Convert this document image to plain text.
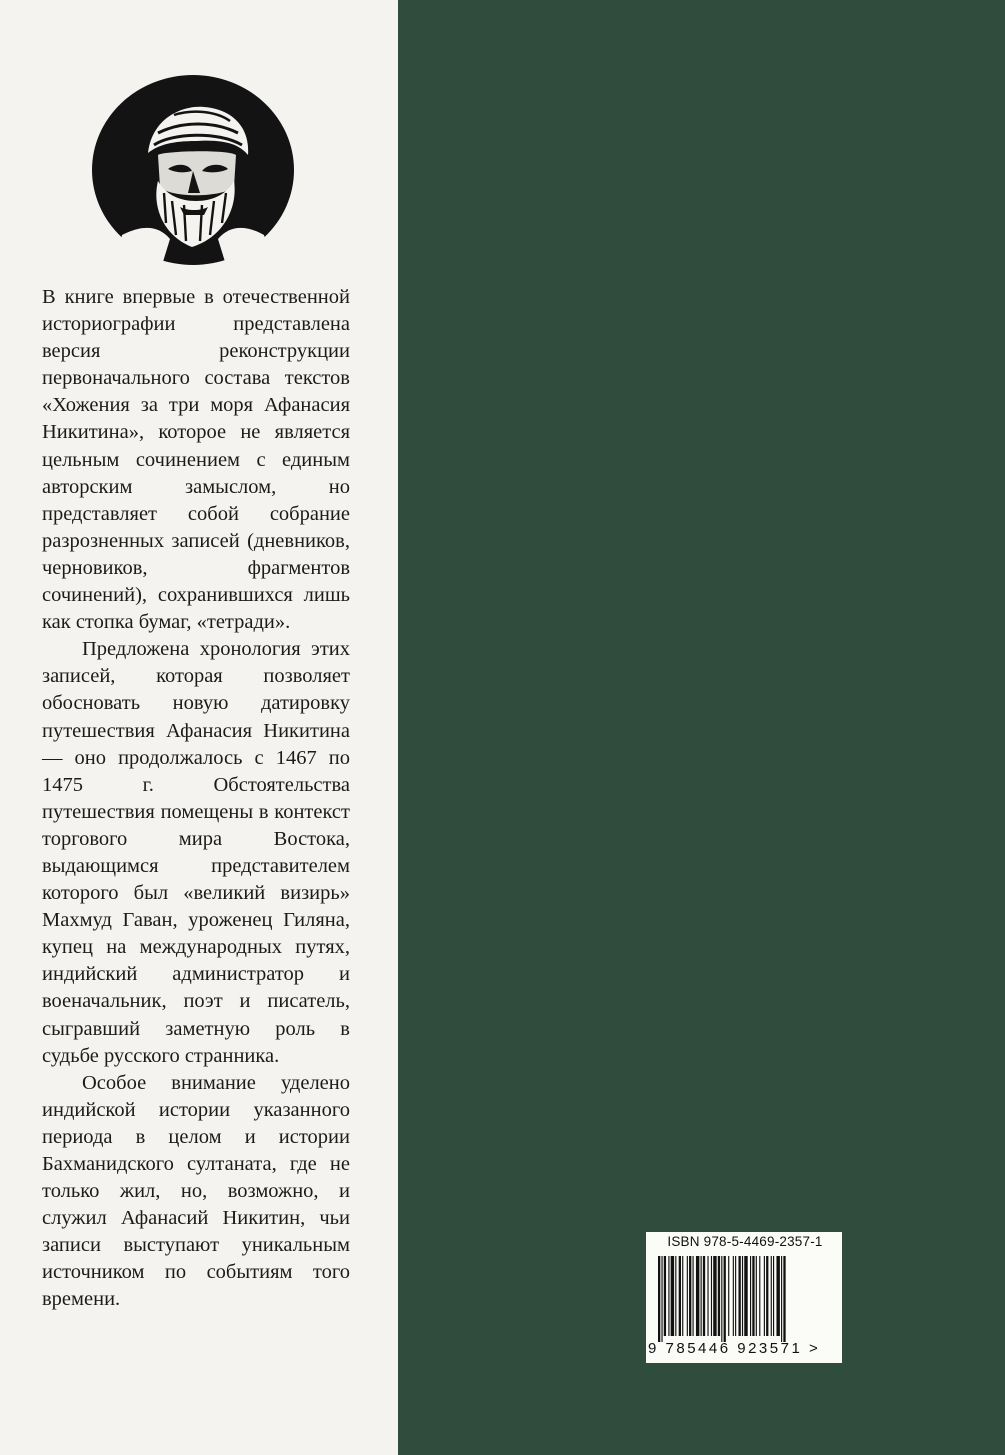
В книге впервые в отечественной историографии представлена версия реконструкции первоначального состава текстов «Хожения за три моря Афанасия Никитина», которое не является цельным сочинением с единым авторским замыслом, но представляет собой собрание разрозненных записей (дневников, черновиков, фрагментов сочинений), сохранившихся лишь как стопка бумаг, «тетради».

Предложена хронология этих записей, которая позволяет обосновать новую датировку путешествия Афанасия Никитина — оно продолжалось с 1467 по 1475 г. Обстоятельства путешествия помещены в контекст торгового мира Востока, выдающимся представителем которого был «великий визирь» Махмуд Гаван, уроженец Гиляна, купец на международных путях, индийский администратор и военачальник, поэт и писатель, сыгравший заметную роль в судьбе русского странника.

Особое внимание уделено индийской истории указанного периода в целом и истории Бахманидского султаната, где не только жил, но, возможно, и служил Афанасий Никитин, чьи записи выступают уникальным источником по событиям того времени.

ISBN 978-5-4469-2357-1
9 785446 923571 >
